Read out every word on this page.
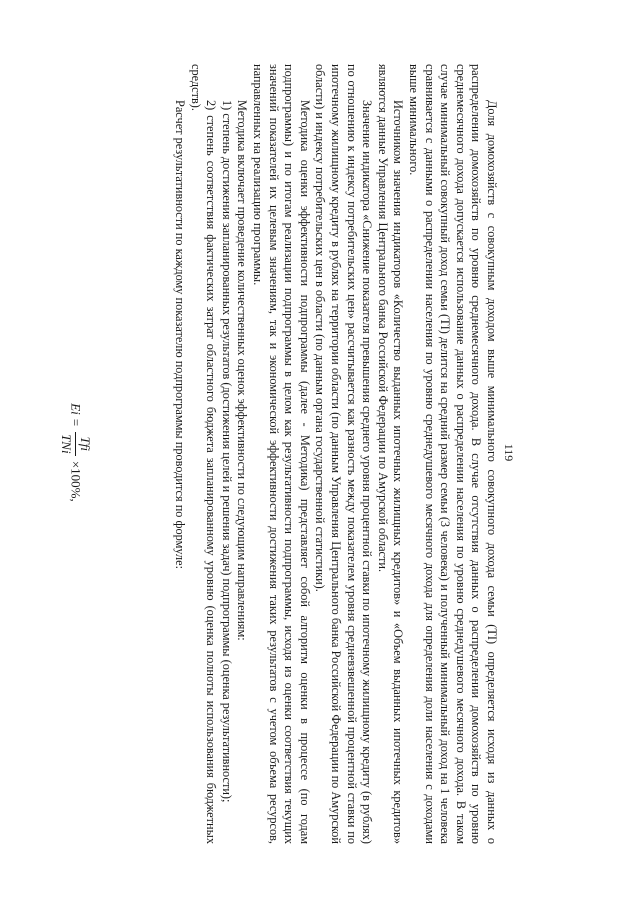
119

Доля домохозяйств с совокупным доходом выше минимального совокупного дохода семьи (ТI) определяется исходя из данных о распределении домохозяйств по уровню среднемесячного дохода. В случае отсутствия данных о распределении домохозяйств по уровню среднемесячного дохода допускается использование данных о распределении населения по уровню среднедушевого месячного дохода. В таком случае минимальный совокупный доход семьи (ТI) делится на средний размер семьи (3 человека) и полученный минимальный доход на 1 человека сравнивается с данными о распределении населения по уровню среднедушевого месячного дохода для определения доли населения с доходами выше минимального.

Источником значения индикаторов «Количество выданных ипотечных жилищных кредитов» и «Объем выданных ипотечных кредитов» являются данные Управления Центрального банка Российской Федерации по Амурской области.

Значение индикатора «Снижение показателя превышения среднего уровня процентной ставки по ипотечному жилищному кредиту (в рублях) по отношению к индексу потребительских цен» рассчитывается как разность между показателем уровня средневзвешенной процентной ставки по ипотечному жилищному кредиту в рублях на территории области (по данным Управления Центрального банка Российской Федерации по Амурской области) и индексу потребительских цен в области (по данным органа государственной статистики).

Методика оценки эффективности подпрограммы (далее - Методика) представляет собой алгоритм оценки в процессе (по годам подпрограммы) и по итогам реализации подпрограммы в целом как результативности подпрограммы, исходя из оценки соответствия текущих значений показателей их целевым значениям, так и экономической эффективности достижения таких результатов с учетом объема ресурсов, направленных на реализацию программы.

Методика включает проведение количественных оценок эффективности по следующим направлениям:

1) степень достижения запланированных результатов (достижения целей и решения задач) подпрограммы (оценка результативности);

2) степень соответствия фактических затрат областного бюджета запланированному уровню (оценка полноты использования бюджетных средств).

Расчет результативности по каждому показателю подпрограммы проводится по формуле:

Ei =
Tfi
TNi
×100%,
